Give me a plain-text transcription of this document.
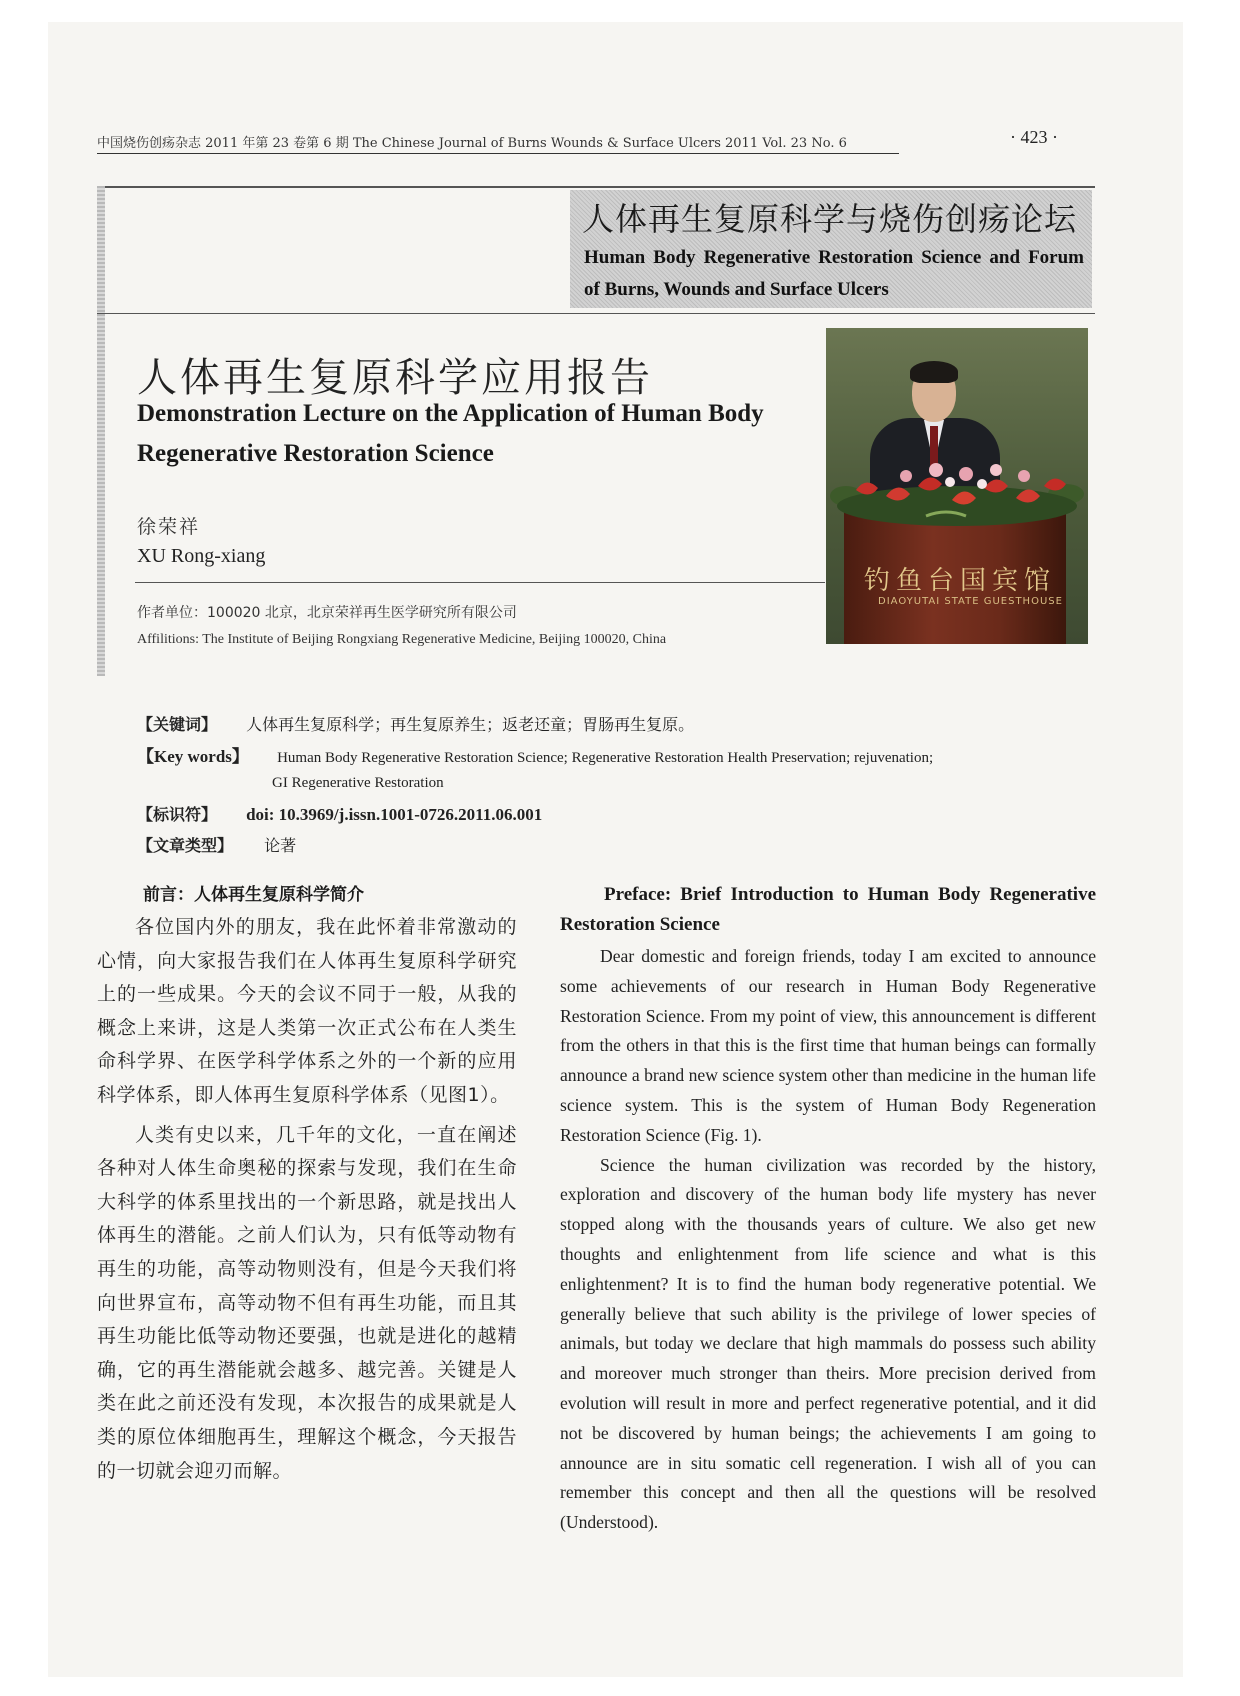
中国烧伤创疡杂志 2011 年第 23 卷第 6 期 The Chinese Journal of Burns Wounds & Surface Ulcers 2011 Vol. 23 No. 6	· 423 ·
人体再生复原科学与烧伤创疡论坛
Human Body Regenerative Restoration Science and Forum of Burns, Wounds and Surface Ulcers
人体再生复原科学应用报告
Demonstration Lecture on the Application of Human Body Regenerative Restoration Science
徐荣祥
XU Rong-xiang
作者单位：100020 北京，北京荣祥再生医学研究所有限公司
Affilitions: The Institute of Beijing Rongxiang Regenerative Medicine, Beijing 100020, China
钓鱼台国宾馆
DIAOYUTAI STATE GUESTHOUSE
【关键词】 人体再生复原科学；再生复原养生；返老还童；胃肠再生复原。
【Key words】 Human Body Regenerative Restoration Science; Regenerative Restoration Health Preservation; rejuvenation;
GI Regenerative Restoration
【标识符】 doi: 10.3969/j.issn.1001-0726.2011.06.001
【文章类型】 论著
前言：人体再生复原科学简介

各位国内外的朋友，我在此怀着非常激动的心情，向大家报告我们在人体再生复原科学研究上的一些成果。今天的会议不同于一般，从我的概念上来讲，这是人类第一次正式公布在人类生命科学界、在医学科学体系之外的一个新的应用科学体系，即人体再生复原科学体系（见图1）。

人类有史以来，几千年的文化，一直在阐述各种对人体生命奥秘的探索与发现，我们在生命大科学的体系里找出的一个新思路，就是找出人体再生的潜能。之前人们认为，只有低等动物有再生的功能，高等动物则没有，但是今天我们将向世界宣布，高等动物不但有再生功能，而且其再生功能比低等动物还要强，也就是进化的越精确，它的再生潜能就会越多、越完善。关键是人类在此之前还没有发现，本次报告的成果就是人类的原位体细胞再生，理解这个概念，今天报告的一切就会迎刃而解。

Preface: Brief Introduction to Human Body Regenerative Restoration Science

Dear domestic and foreign friends, today I am excited to announce some achievements of our research in Human Body Regenerative Restoration Science. From my point of view, this announcement is different from the others in that this is the first time that human beings can formally announce a brand new science system other than medicine in the human life science system. This is the system of Human Body Regeneration Restoration Science (Fig. 1).

Science the human civilization was recorded by the history, exploration and discovery of the human body life mystery has never stopped along with the thousands years of culture. We also get new thoughts and enlightenment from life science and what is this enlightenment? It is to find the human body regenerative potential. We generally believe that such ability is the privilege of lower species of animals, but today we declare that high mammals do possess such ability and moreover much stronger than theirs. More precision derived from evolution will result in more and perfect regenerative potential, and it did not be discovered by human beings; the achievements I am going to announce are in situ somatic cell regeneration. I wish all of you can remember this concept and then all the questions will be resolved (Understood).
